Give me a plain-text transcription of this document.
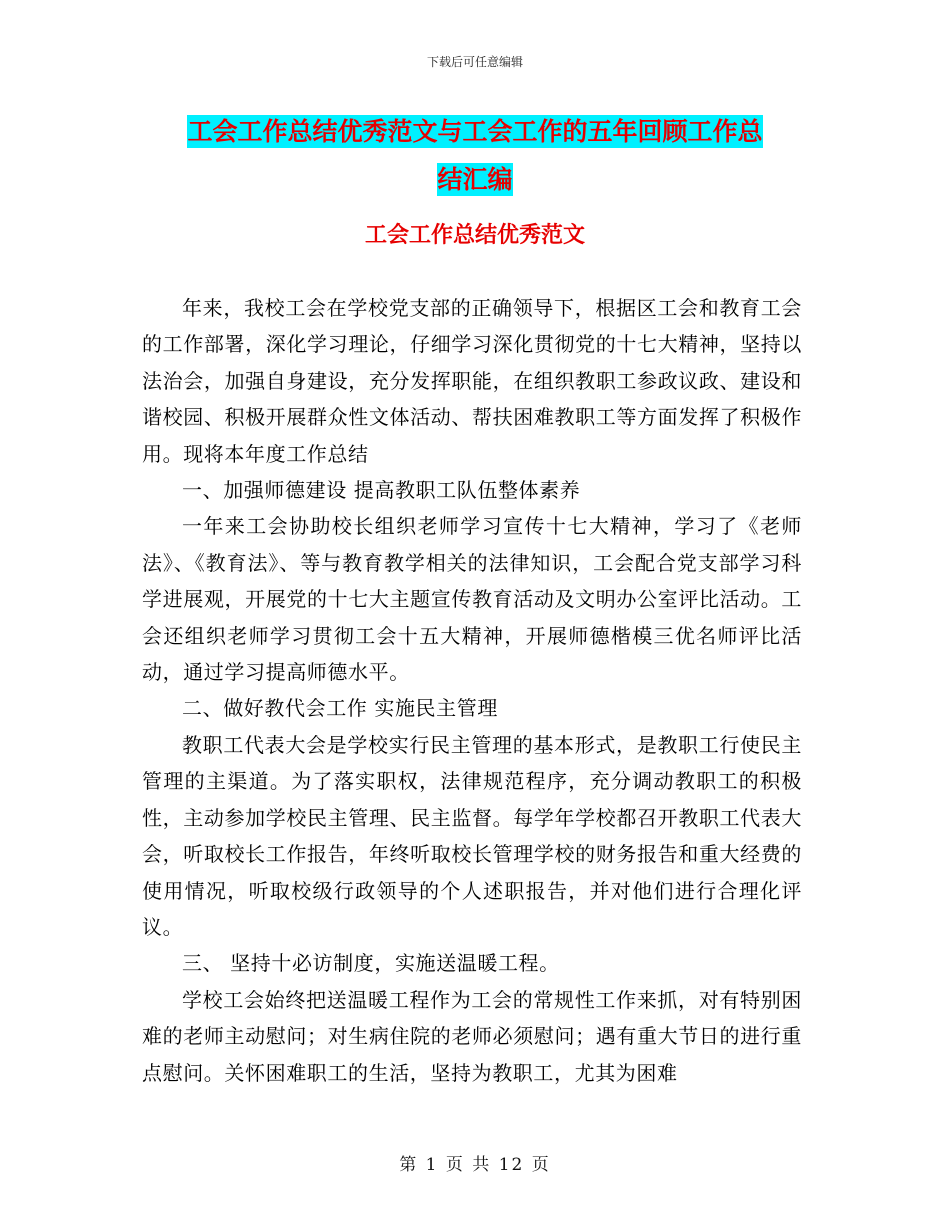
下载后可任意编辑
工会工作总结优秀范文与工会工作的五年回顾工作总
结汇编
工会工作总结优秀范文

年来，我校工会在学校党支部的正确领导下，根据区工会和教育工会的工作部署，深化学习理论，仔细学习深化贯彻党的十七大精神，坚持以法治会，加强自身建设，充分发挥职能，在组织教职工参政议政、建设和谐校园、积极开展群众性文体活动、帮扶困难教职工等方面发挥了积极作用。现将本年度工作总结

一、加强师德建设 提高教职工队伍整体素养

一年来工会协助校长组织老师学习宣传十七大精神，学习了《老师法》、《教育法》、等与教育教学相关的法律知识，工会配合党支部学习科学进展观，开展党的十七大主题宣传教育活动及文明办公室评比活动。工会还组织老师学习贯彻工会十五大精神，开展师德楷模三优名师评比活动，通过学习提高师德水平。

二、做好教代会工作 实施民主管理

教职工代表大会是学校实行民主管理的基本形式，是教职工行使民主管理的主渠道。为了落实职权，法律规范程序，充分调动教职工的积极性，主动参加学校民主管理、民主监督。每学年学校都召开教职工代表大会，听取校长工作报告，年终听取校长管理学校的财务报告和重大经费的使用情况，听取校级行政领导的个人述职报告，并对他们进行合理化评议。

三、 坚持十必访制度，实施送温暖工程。

学校工会始终把送温暖工程作为工会的常规性工作来抓，对有特别困难的老师主动慰问；对生病住院的老师必须慰问；遇有重大节日的进行重点慰问。关怀困难职工的生活，坚持为教职工，尤其为困难

第 1 页 共 12 页
